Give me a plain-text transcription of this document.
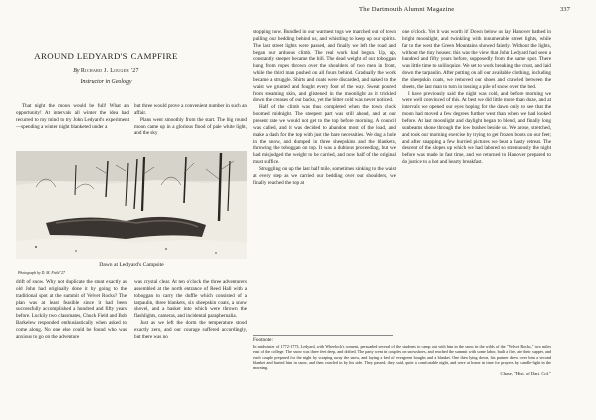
The Dartmouth Alumni Magazine	337
AROUND LEDYARD'S CAMPFIRE
By Richard J. Lougee '27
Instructor in Geology

That night the moon would be full! What an opportunity! At intervals all winter the idea had recurred to my mind to try John Ledyard's experiment—spending a winter night blanketed under a

but three would prove a convenient number in such an affair.

Plans went smoothly from the start. The big round moon came up in a glorious flood of pale white light, and the sky

Dawn at Ledyard's Campsite
Photograph by D. M. Field '27

drift of snow. Why not duplicate the stunt exactly as old John had originally done it by going to the traditional spot at the summit of Velvet Rocks? The plan was at least feasible since it had been successfully accomplished a hundred and fifty years before. Luckily two classmates, Chuck Field and Bob Barkelew responded enthusiastically when asked to come along. No one else could be found who was anxious to go on the adventure

was crystal clear. At ten o'clock the three adventurers assembled at the north entrance of Reed Hall with a toboggan to carry the duffle which consisted of a tarpaulin, three blankets, six sheepskin coats, a snow shovel, and a basket into which were thrown the flashlights, cameras, and incidental paraphernalia.

Just as we left the dorm the temperature stood exactly zero, and our courage suffered accordingly, but there was no

stopping now. Bundled in our warmest togs we marched out of town pulling our bedding behind us, and whistling to keep up our spirits. The last street lights were passed, and finally we left the road and began our arduous climb. The real work had begun. Up, up, constantly steeper became the hill. The dead weight of our toboggan hung from ropes thrown over the shoulders of two men in front, while the third man pushed on all fours behind. Gradually the work became a struggle. Shirts and coats were discarded, and naked to the waist we grunted and fought every foot of the way. Sweat poured from steaming skin, and glistened in the moonlight as it trickled down the creases of our backs, yet the bitter cold was never noticed.

Half of the climb was thus completed when the town clock boomed midnight. The steepest part was still ahead, and at our present rate we would not get to the top before morning. A council was called, and it was decided to abandon most of the load, and make a dash for the top with just the bare necessities. We dug a hole in the snow, and dumped in three sheepskins and the blankets, throwing the toboggan on top. It was a dubious proceeding, but we had misjudged the weight to be carried, and now half of the original must suffice.

Struggling on up the last half mile, sometimes sinking to the waist at every step as we carried our bedding over our shoulders, we finally reached the top at

one o'clock. Yet it was worth it! Down below us lay Hanover bathed in bright moonlight, and twinkling with innumerable street lights, while far to the west the Green Mountains showed faintly. Without the lights, without the tiny houses: this was the view that John Ledyard had seen a hundred and fifty years before, supposedly from the same spot. There was little time to soliloquize. We set to work breaking the crust, and laid down the tarpaulin. After putting on all our available clothing, including the sheepskin coats, we removed our shoes and crawled between the sheets, the last man to turn in tossing a pile of snow over the bed.

I have previously said the night was cold, and before morning we were well convinced of this. At best we did little more than doze, and at intervals we opened our eyes hoping for the dawn only to see that the moon had moved a few degrees further west than when we had looked before. At last moonlight and daylight began to blend, and finally long sunbeams shone through the low bushes beside us. We arose, stretched, and took our morning exercise by trying to get frozen boots on our feet; and after snapping a few hurried pictures we beat a hasty retreat. The descent of the slopes up which we had labored so strenuously the night before was made in fast time, and we returned to Hanover prepared to do justice to a hot and hearty breakfast.

Footnote:
In midwinter of 1772-1773, Ledyard, with Wheelock's consent, persuaded several of the students to camp out with him in the snow in the wilds of the "Velvet Rocks," two miles east of the college. The snow was three feet deep, and drifted. The party went in couples on snowshoes, and reached the summit with some labor, built a fire, ate their supper, and each couple prepared for the night by scraping away the snow, and laying a bed of evergreen boughs and a blanket. One then lying down, his partner drew over him a second blanket and buried him in snow, and then crawled in by his side. They passed, they said, quite a comfortable night, and were at home in time for prayers by candle-light in the morning.
Chase, "Hist. of Dart. Col."
